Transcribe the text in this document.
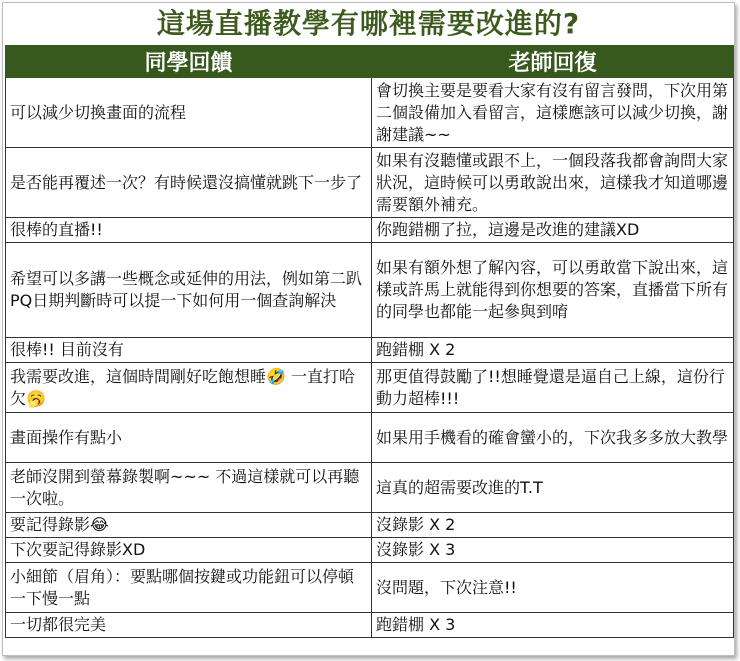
這場直播教學有哪裡需要改進的?
同學回饋	老師回復
可以減少切換畫面的流程	會切換主要是要看大家有沒有留言發問，下次用第二個設備加入看留言，這樣應該可以減少切換，謝謝建議~~
是否能再覆述一次？有時候還沒搞懂就跳下一步了	如果有沒聽懂或跟不上，一個段落我都會詢問大家狀況，這時候可以勇敢說出來，這樣我才知道哪邊需要額外補充。
很棒的直播!!	你跑錯棚了拉，這邊是改進的建議XD
希望可以多講一些概念或延伸的用法，例如第二趴PQ日期判斷時可以提一下如何用一個查詢解決	如果有額外想了解內容，可以勇敢當下說出來，這樣或許馬上就能得到你想要的答案，直播當下所有的同學也都能一起參與到唷
很棒!! 目前沒有	跑錯棚 X 2
我需要改進，這個時間剛好吃飽想睡🤣 一直打哈欠🥱	那更值得鼓勵了!!想睡覺還是逼自己上線，這份行動力超棒!!!
畫面操作有點小	如果用手機看的確會蠻小的，下次我多多放大教學
老師沒開到螢幕錄製啊~~~ 不過這樣就可以再聽一次啦。	這真的超需要改進的T.T
要記得錄影😂	沒錄影 X 2
下次要記得錄影XD	沒錄影 X 3
小細節（眉角）：要點哪個按鍵或功能鈕可以停頓一下慢一點	沒問題，下次注意!!
一切都很完美	跑錯棚 X 3
